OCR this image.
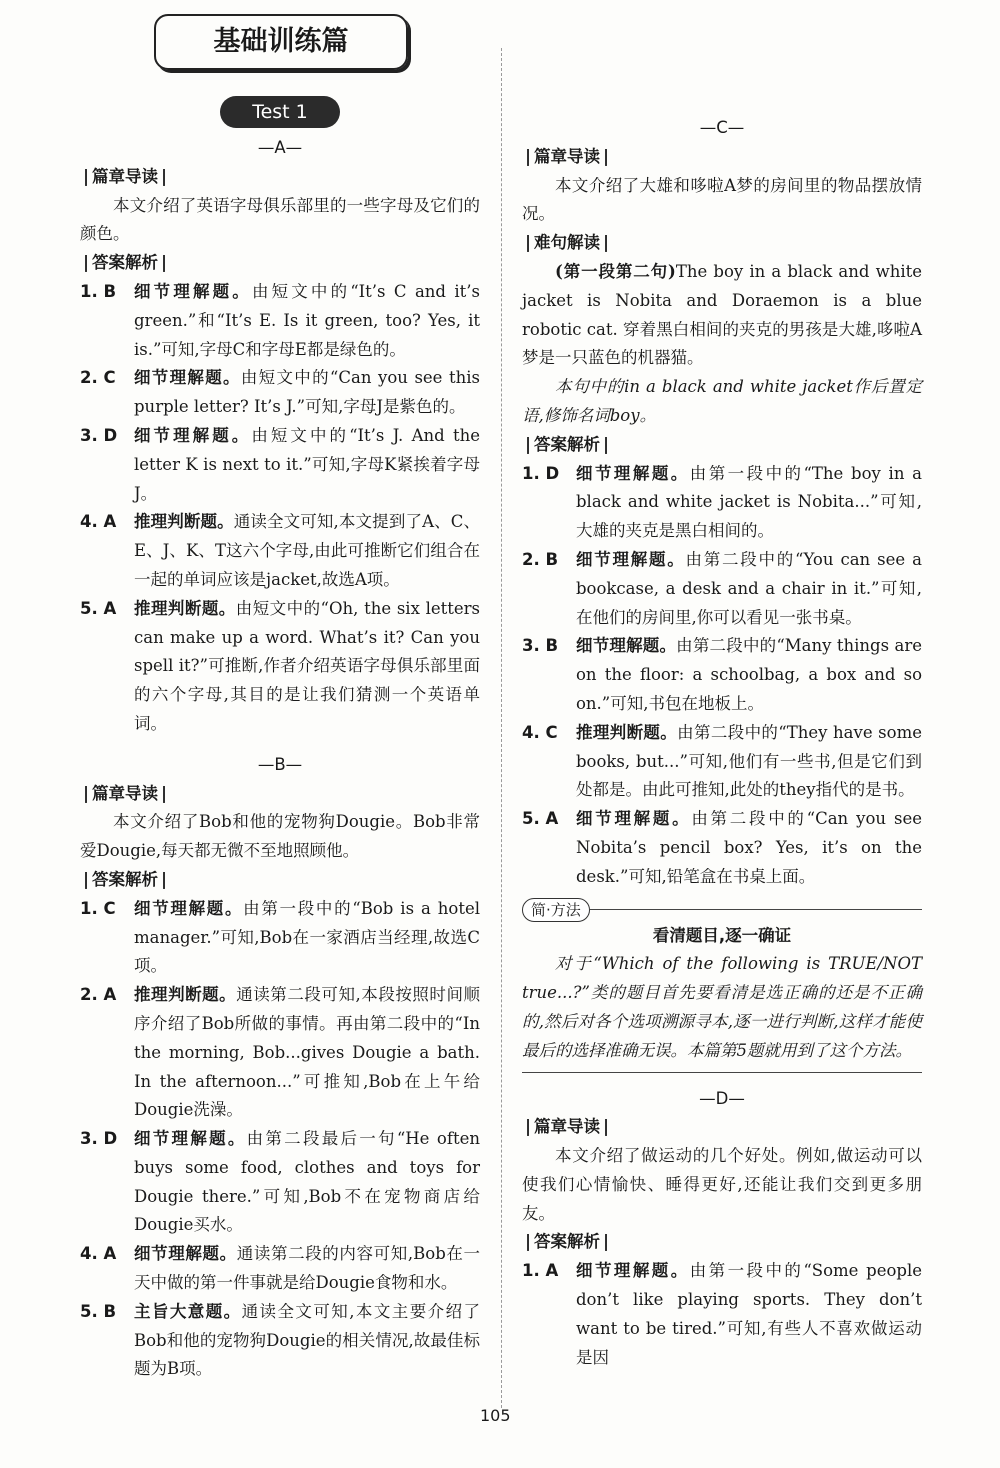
基础训练篇
Test 1

—A—

| 篇章导读 |

本文介绍了英语字母俱乐部里的一些字母及它们的颜色。

| 答案解析 |

1. B 细节理解题。由短文中的“It’s C and it’s green.”和“It’s E. Is it green, too? Yes, it is.”可知,字母C和字母E都是绿色的。

2. C 细节理解题。由短文中的“Can you see this purple letter? It’s J.”可知,字母J是紫色的。

3. D 细节理解题。由短文中的“It’s J. And the letter K is next to it.”可知,字母K紧挨着字母J。

4. A 推理判断题。通读全文可知,本文提到了A、C、E、J、K、T这六个字母,由此可推断它们组合在一起的单词应该是jacket,故选A项。

5. A 推理判断题。由短文中的“Oh, the six letters can make up a word. What’s it? Can you spell it?”可推断,作者介绍英语字母俱乐部里面的六个字母,其目的是让我们猜测一个英语单词。

—B—

| 篇章导读 |

本文介绍了Bob和他的宠物狗Dougie。Bob非常爱Dougie,每天都无微不至地照顾他。

| 答案解析 |

1. C 细节理解题。由第一段中的“Bob is a hotel manager.”可知,Bob在一家酒店当经理,故选C项。

2. A 推理判断题。通读第二段可知,本段按照时间顺序介绍了Bob所做的事情。再由第二段中的“In the morning, Bob...gives Dougie a bath. In the afternoon...”可推知,Bob在上午给Dougie洗澡。

3. D 细节理解题。由第二段最后一句“He often buys some food, clothes and toys for Dougie there.”可知,Bob不在宠物商店给Dougie买水。

4. A 细节理解题。通读第二段的内容可知,Bob在一天中做的第一件事就是给Dougie食物和水。

5. B 主旨大意题。通读全文可知,本文主要介绍了Bob和他的宠物狗Dougie的相关情况,故最佳标题为B项。

—C—

| 篇章导读 |

本文介绍了大雄和哆啦A梦的房间里的物品摆放情况。

| 难句解读 |

(第一段第二句)The boy in a black and white jacket is Nobita and Doraemon is a blue robotic cat. 穿着黑白相间的夹克的男孩是大雄,哆啦A梦是一只蓝色的机器猫。

本句中的in a black and white jacket作后置定语,修饰名词boy。

| 答案解析 |

1. D 细节理解题。由第一段中的“The boy in a black and white jacket is Nobita...”可知,大雄的夹克是黑白相间的。

2. B 细节理解题。由第二段中的“You can see a bookcase, a desk and a chair in it.”可知,在他们的房间里,你可以看见一张书桌。

3. B 细节理解题。由第二段中的“Many things are on the floor: a schoolbag, a box and so on.”可知,书包在地板上。

4. C 推理判断题。由第二段中的“They have some books, but...”可知,他们有一些书,但是它们到处都是。由此可推知,此处的they指代的是书。

5. A 细节理解题。由第二段中的“Can you see Nobita’s pencil box? Yes, it’s on the desk.”可知,铅笔盒在书桌上面。

简·方法

看清题目,逐一确证

对于“Which of the following is TRUE/NOT true...?”类的题目首先要看清是选正确的还是不正确的,然后对各个选项溯源寻本,逐一进行判断,这样才能使最后的选择准确无误。本篇第5题就用到了这个方法。

—D—

| 篇章导读 |

本文介绍了做运动的几个好处。例如,做运动可以使我们心情愉快、睡得更好,还能让我们交到更多朋友。

| 答案解析 |

1. A 细节理解题。由第一段中的“Some people don’t like playing sports. They don’t want to be tired.”可知,有些人不喜欢做运动是因

105
